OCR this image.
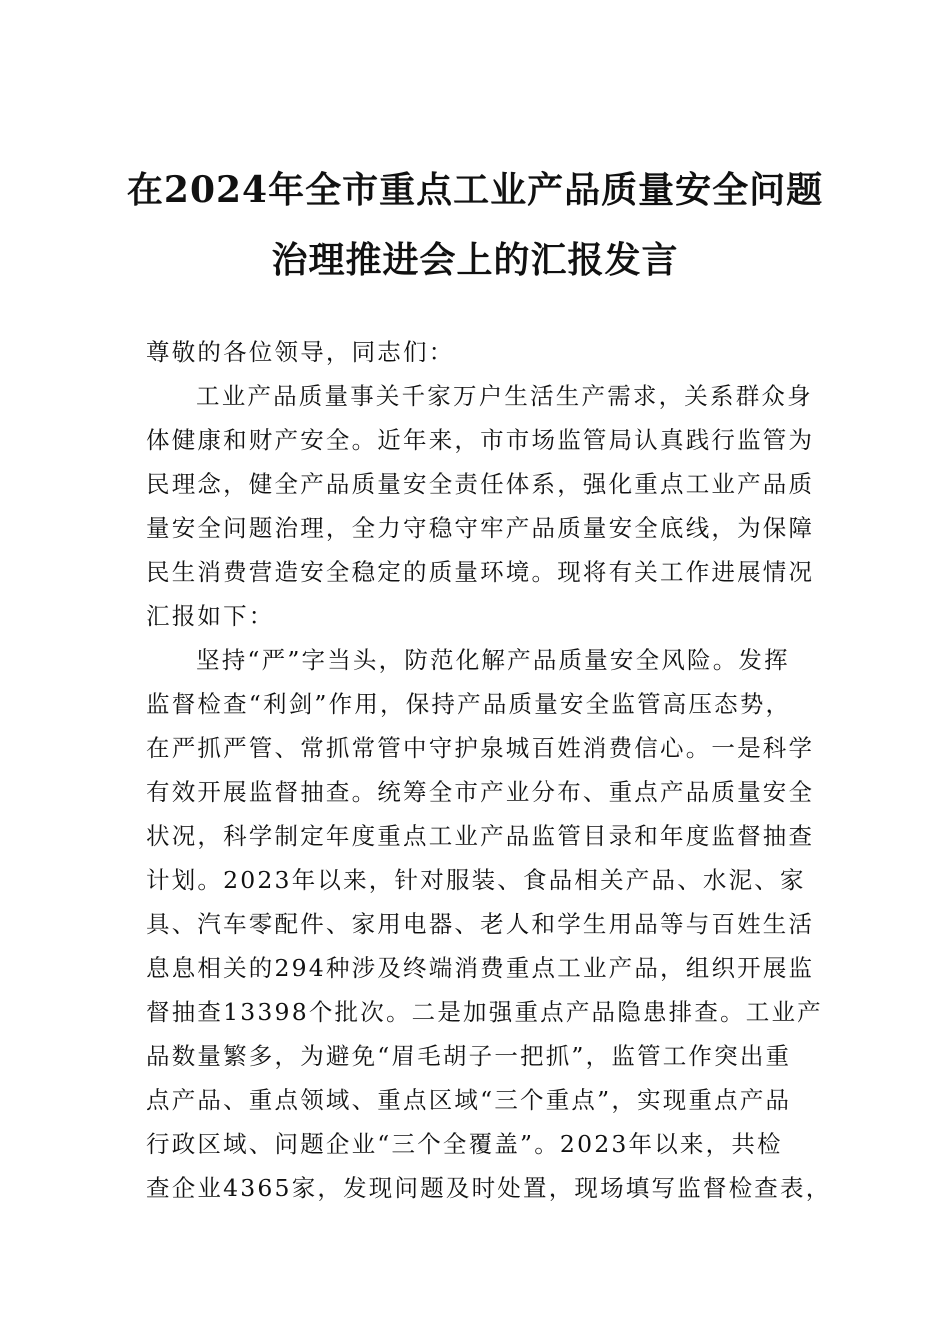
在2024年全市重点工业产品质量安全问题
治理推进会上的汇报发言
尊敬的各位领导，同志们：
工业产品质量事关千家万户生活生产需求，关系群众身
体健康和财产安全。近年来，市市场监管局认真践行监管为
民理念，健全产品质量安全责任体系，强化重点工业产品质
量安全问题治理，全力守稳守牢产品质量安全底线，为保障
民生消费营造安全稳定的质量环境。现将有关工作进展情况
汇报如下：
坚持“严”字当头，防范化解产品质量安全风险。发挥
监督检查“利剑”作用，保持产品质量安全监管高压态势，
在严抓严管、常抓常管中守护泉城百姓消费信心。一是科学
有效开展监督抽查。统筹全市产业分布、重点产品质量安全
状况，科学制定年度重点工业产品监管目录和年度监督抽查
计划。2023年以来，针对服装、食品相关产品、水泥、家
具、汽车零配件、家用电器、老人和学生用品等与百姓生活
息息相关的294种涉及终端消费重点工业产品，组织开展监
督抽查13398个批次。二是加强重点产品隐患排查。工业产
品数量繁多，为避免“眉毛胡子一把抓”，监管工作突出重
点产品、重点领域、重点区域“三个重点”，实现重点产品
行政区域、问题企业“三个全覆盖”。2023年以来，共检
查企业4365家，发现问题及时处置，现场填写监督检查表，
